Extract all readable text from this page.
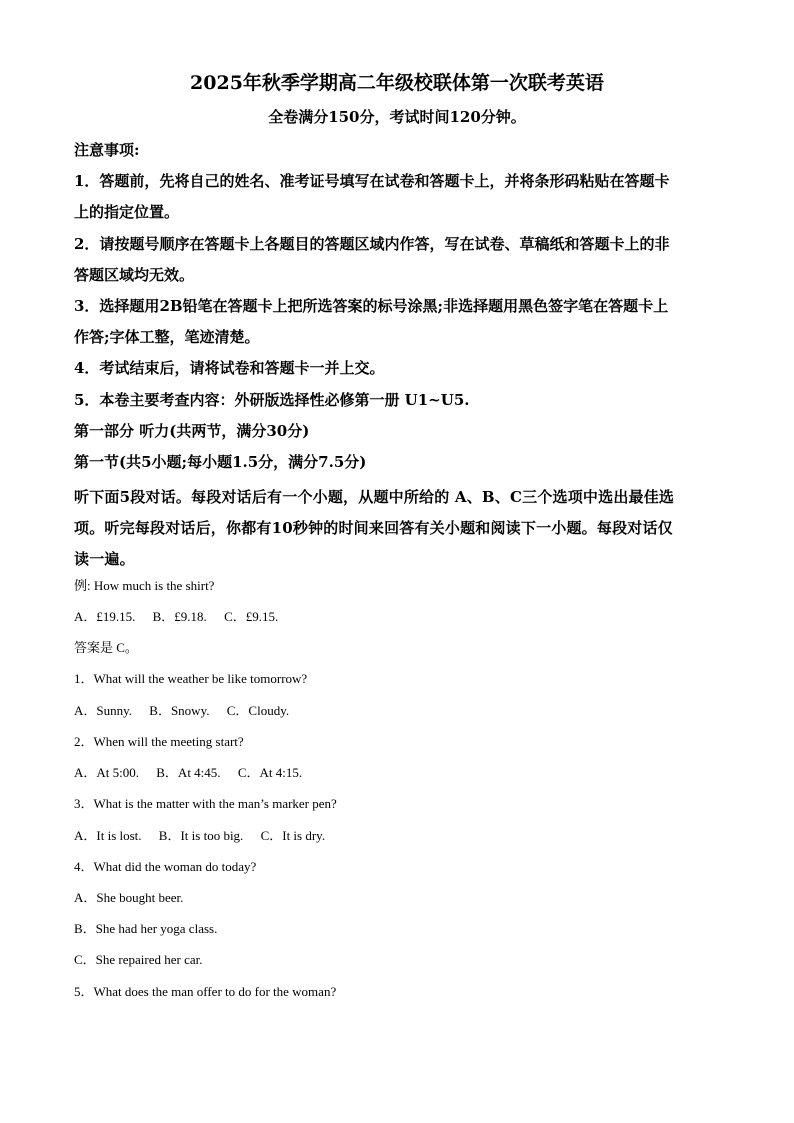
2025年秋季学期高二年级校联体第一次联考英语
全卷满分150分，考试时间120分钟。
注意事项:
1．答题前，先将自己的姓名、准考证号填写在试卷和答题卡上，并将条形码粘贴在答题卡
上的指定位置。
2．请按题号顺序在答题卡上各题目的答题区域内作答，写在试卷、草稿纸和答题卡上的非
答题区域均无效。
3．选择题用2B铅笔在答题卡上把所选答案的标号涂黑;非选择题用黑色签字笔在答题卡上
作答;字体工整，笔迹清楚。
4．考试结束后，请将试卷和答题卡一并上交。
5．本卷主要考查内容：外研版选择性必修第一册 U1~U5.
第一部分 听力(共两节，满分30分)
第一节(共5小题;每小题1.5分，满分7.5分)
听下面5段对话。每段对话后有一个小题，从题中所给的 A、B、C三个选项中选出最佳选
项。听完每段对话后，你都有10秒钟的时间来回答有关小题和阅读下一小题。每段对话仅
读一遍。
例: How much is the shirt?
A．£19.15. B．£9.18. C．£9.15.
答案是 C。
1．What will the weather be like tomorrow?
A．Sunny. B．Snowy. C．Cloudy.
2．When will the meeting start?
A．At 5:00. B．At 4:45. C．At 4:15.
3．What is the matter with the man’s marker pen?
A．It is lost. B．It is too big. C．It is dry.
4．What did the woman do today?
A．She bought beer.
B．She had her yoga class.
C．She repaired her car.
5．What does the man offer to do for the woman?
